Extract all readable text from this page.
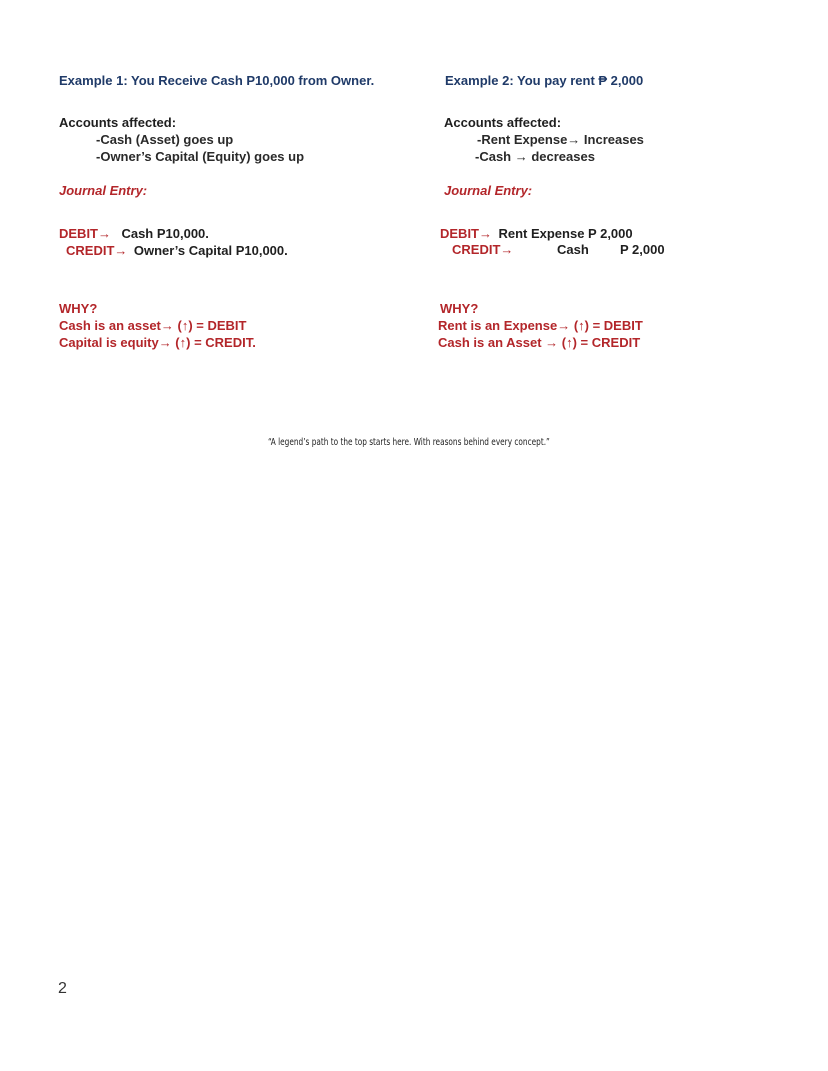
Example 1: You Receive Cash P10,000 from Owner.
Accounts affected:
-Cash (Asset) goes up
-Owner’s Capital (Equity) goes up
Journal Entry:
DEBIT→ Cash P10,000.
CREDIT→ Owner’s Capital P10,000.
WHY?
Cash is an asset→ (↑) = DEBIT
Capital is equity→ (↑) = CREDIT.
Example 2: You pay rent ₱ 2,000
Accounts affected:
-Rent Expense→ Increases
-Cash → decreases
Journal Entry:
DEBIT→ Rent Expense P 2,000
CREDIT→	Cash P 2,000
WHY?
Rent is an Expense→ (↑) = DEBIT
Cash is an Asset → (↑) = CREDIT
“A legend’s path to the top starts here. With reasons behind every concept.”
2
